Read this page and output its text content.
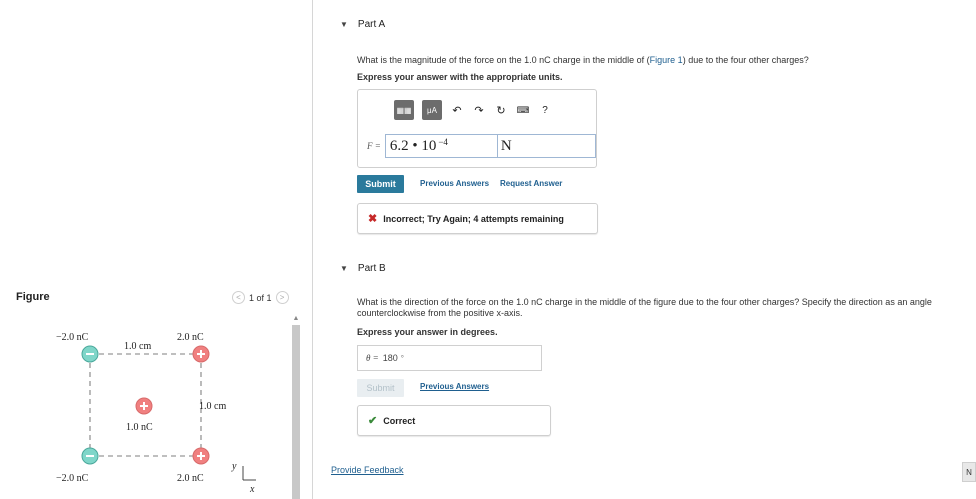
Figure	< 1 of 1 >
−2.0 nC	2.0 nC
1.0 nC
−2.0 nC	2.0 nC
1.0 cm
1.0 cm
y
x
▲
▼ Part A
What is the magnitude of the force on the 1.0 nC charge in the middle of (Figure 1) due to the four other charges?
Express your answer with the appropriate units.
▦▦	μA ↶ ↷ ↻ ⌨	?
F = 6.2 • $10^{-4}$	N
Submit	Previous Answers Request Answer
✖ Incorrect; Try Again; 4 attempts remaining
▼ Part B
What is the direction of the force on the 1.0 nC charge in the middle of the figure due to the four other charges? Specify the direction as an angle counterclockwise from the positive x-axis.
Express your answer in degrees.
θ = 180 °
Submit	Previous Answers
✔ Correct
Provide Feedback	N
